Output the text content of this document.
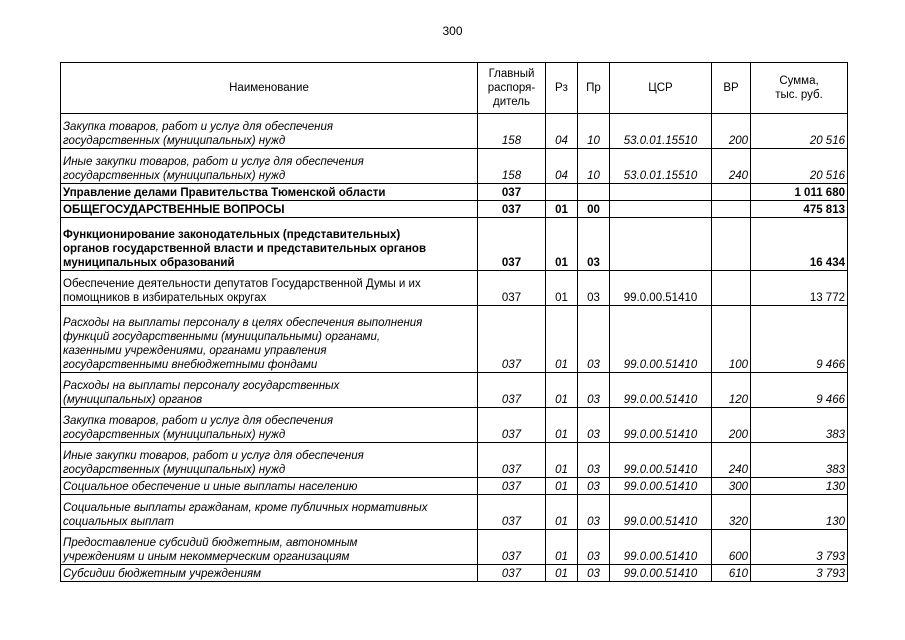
300
Наименование	Главный
распоря-
дитель	Рз	Пр	ЦСР	ВР	Сумма,
тыс. руб.
Закупка товаров, работ и услуг для обеспечения
государственных (муниципальных) нужд	158	04	10	53.0.01.15510	200	20 516
Иные закупки товаров, работ и услуг для обеспечения
государственных (муниципальных) нужд	158	04	10	53.0.01.15510	240	20 516
Управление делами Правительства Тюменской области	037					1 011 680
ОБЩЕГОСУДАРСТВЕННЫЕ ВОПРОСЫ	037	01	00			475 813
Функционирование законодательных (представительных)
органов государственной власти и представительных органов
муниципальных образований	037	01	03			16 434
Обеспечение деятельности депутатов Государственной Думы и их
помощников в избирательных округах	037	01	03	99.0.00.51410		13 772
Расходы на выплаты персоналу в целях обеспечения выполнения
функций государственными (муниципальными) органами,
казенными учреждениями, органами управления
государственными внебюджетными фондами	037	01	03	99.0.00.51410	100	9 466
Расходы на выплаты персоналу государственных
(муниципальных) органов	037	01	03	99.0.00.51410	120	9 466
Закупка товаров, работ и услуг для обеспечения
государственных (муниципальных) нужд	037	01	03	99.0.00.51410	200	383
Иные закупки товаров, работ и услуг для обеспечения
государственных (муниципальных) нужд	037	01	03	99.0.00.51410	240	383
Социальное обеспечение и иные выплаты населению	037	01	03	99.0.00.51410	300	130
Социальные выплаты гражданам, кроме публичных нормативных
социальных выплат	037	01	03	99.0.00.51410	320	130
Предоставление субсидий бюджетным, автономным
учреждениям и иным некоммерческим организациям	037	01	03	99.0.00.51410	600	3 793
Субсидии бюджетным учреждениям	037	01	03	99.0.00.51410	610	3 793
